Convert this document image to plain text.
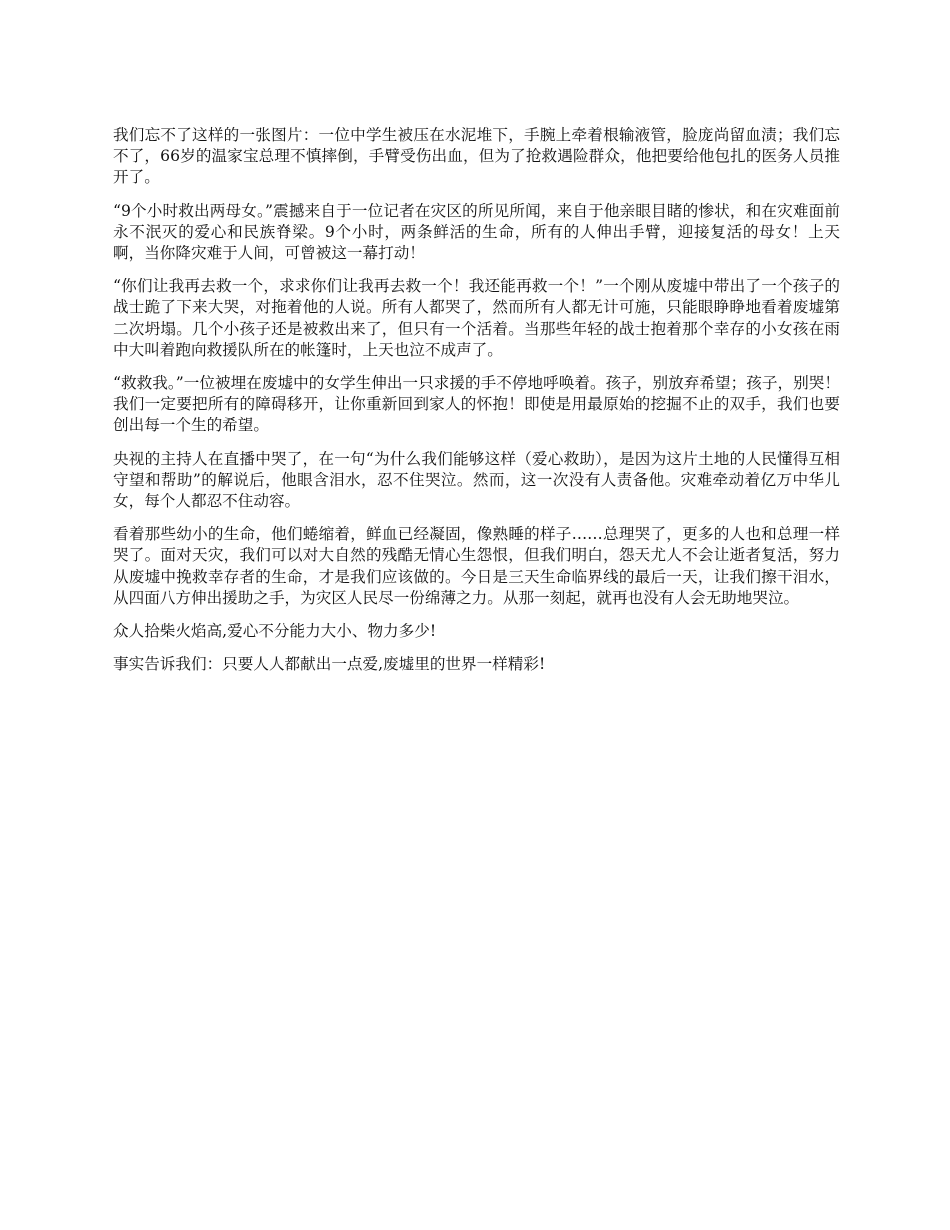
我们忘不了这样的一张图片：一位中学生被压在水泥堆下，手腕上牵着根输液管，脸庞尚留血渍；我们忘不了，66岁的温家宝总理不慎摔倒，手臂受伤出血，但为了抢救遇险群众，他把要给他包扎的医务人员推开了。

“9个小时救出两母女。”震撼来自于一位记者在灾区的所见所闻，来自于他亲眼目睹的惨状，和在灾难面前永不泯灭的爱心和民族脊梁。9个小时，两条鲜活的生命，所有的人伸出手臂，迎接复活的母女！上天啊，当你降灾难于人间，可曾被这一幕打动！

“你们让我再去救一个，求求你们让我再去救一个！我还能再救一个！”一个刚从废墟中带出了一个孩子的战士跪了下来大哭，对拖着他的人说。所有人都哭了，然而所有人都无计可施，只能眼睁睁地看着废墟第二次坍塌。几个小孩子还是被救出来了，但只有一个活着。当那些年轻的战士抱着那个幸存的小女孩在雨中大叫着跑向救援队所在的帐篷时，上天也泣不成声了。

“救救我。”一位被埋在废墟中的女学生伸出一只求援的手不停地呼唤着。孩子，别放弃希望；孩子，别哭！我们一定要把所有的障碍移开，让你重新回到家人的怀抱！即使是用最原始的挖掘不止的双手，我们也要创出每一个生的希望。

央视的主持人在直播中哭了，在一句“为什么我们能够这样（爱心救助），是因为这片土地的人民懂得互相守望和帮助”的解说后，他眼含泪水，忍不住哭泣。然而，这一次没有人责备他。灾难牵动着亿万中华儿女，每个人都忍不住动容。

看着那些幼小的生命，他们蜷缩着，鲜血已经凝固，像熟睡的样子……总理哭了，更多的人也和总理一样哭了。面对天灾，我们可以对大自然的残酷无情心生怨恨，但我们明白，怨天尤人不会让逝者复活，努力从废墟中挽救幸存者的生命，才是我们应该做的。今日是三天生命临界线的最后一天，让我们擦干泪水，从四面八方伸出援助之手，为灾区人民尽一份绵薄之力。从那一刻起，就再也没有人会无助地哭泣。

众人拾柴火焰高,爱心不分能力大小、物力多少!

事实告诉我们：只要人人都献出一点爱,废墟里的世界一样精彩!
